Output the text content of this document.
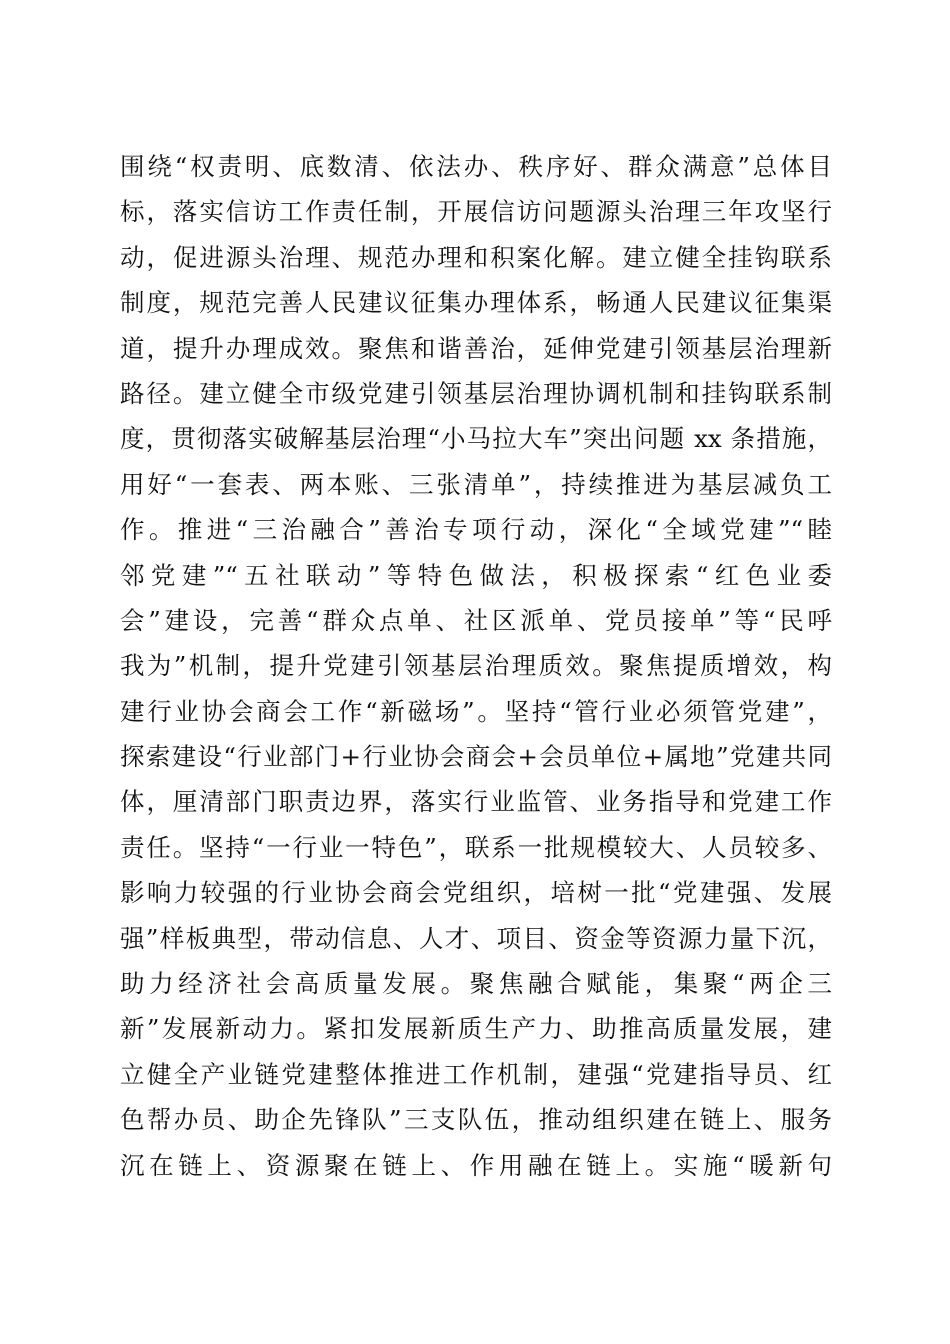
围绕“权责明、底数清、依法办、秩序好、群众满意”总体目
标，落实信访工作责任制，开展信访问题源头治理三年攻坚行
动，促进源头治理、规范办理和积案化解。建立健全挂钩联系
制度，规范完善人民建议征集办理体系，畅通人民建议征集渠
道，提升办理成效。聚焦和谐善治，延伸党建引领基层治理新
路径。建立健全市级党建引领基层治理协调机制和挂钩联系制
度，贯彻落实破解基层治理“小马拉大车”突出问题 xx 条措施，
用好“一套表、两本账、三张清单”，持续推进为基层减负工
作。推进“三治融合”善治专项行动，深化“全域党建”“睦
邻党建”“五社联动”等特色做法，积极探索“红色业委
会”建设，完善“群众点单、社区派单、党员接单”等“民呼
我为”机制，提升党建引领基层治理质效。聚焦提质增效，构
建行业协会商会工作“新磁场”。坚持“管行业必须管党建”，
探索建设“行业部门+行业协会商会+会员单位+属地”党建共同
体，厘清部门职责边界，落实行业监管、业务指导和党建工作
责任。坚持“一行业一特色”，联系一批规模较大、人员较多、
影响力较强的行业协会商会党组织，培树一批“党建强、发展
强”样板典型，带动信息、人才、项目、资金等资源力量下沉，
助力经济社会高质量发展。聚焦融合赋能，集聚“两企三
新”发展新动力。紧扣发展新质生产力、助推高质量发展，建
立健全产业链党建整体推进工作机制，建强“党建指导员、红
色帮办员、助企先锋队”三支队伍，推动组织建在链上、服务
沉在链上、资源聚在链上、作用融在链上。实施“暖新句
